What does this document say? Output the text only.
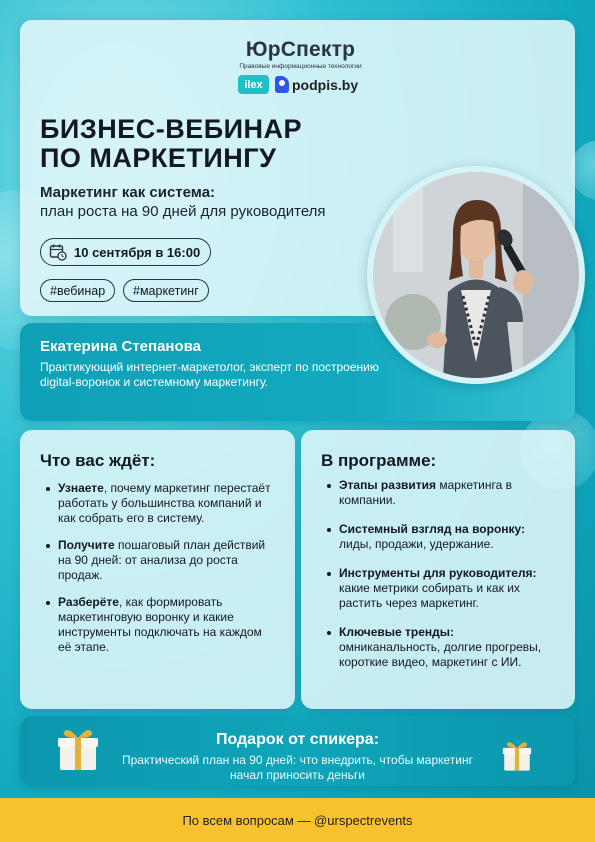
ЮрСпектр
Правовые информационные технологии
ilex	podpis.by
БИЗНЕС-ВЕБИНАР
ПО МАРКЕТИНГУ
Маркетинг как система:
план роста на 90 дней для руководителя
10 сентября в 16:00
#вебинар	#маркетинг
Екатерина Степанова
Практикующий интернет-маркетолог, эксперт по построению digital-воронок и системному маркетингу.
Что вас ждёт:
Узнаете, почему маркетинг перестаёт работать у большинства компаний и как собрать его в систему.
Получите пошаговый план действий на 90 дней: от анализа до роста продаж.
Разберёте, как формировать маркетинговую воронку и какие инструменты подключать на каждом её этапе.
В программе:
Этапы развития маркетинга в компании.
Системный взгляд на воронку: лиды, продажи, удержание.
Инструменты для руководителя: какие метрики собирать и как их растить через маркетинг.
Ключевые тренды: омниканальность, долгие прогревы, короткие видео, маркетинг с ИИ.
Подарок от спикера:
Практический план на 90 дней: что внедрить, чтобы маркетинг начал приносить деньги
По всем вопросам — @urspectrevents
